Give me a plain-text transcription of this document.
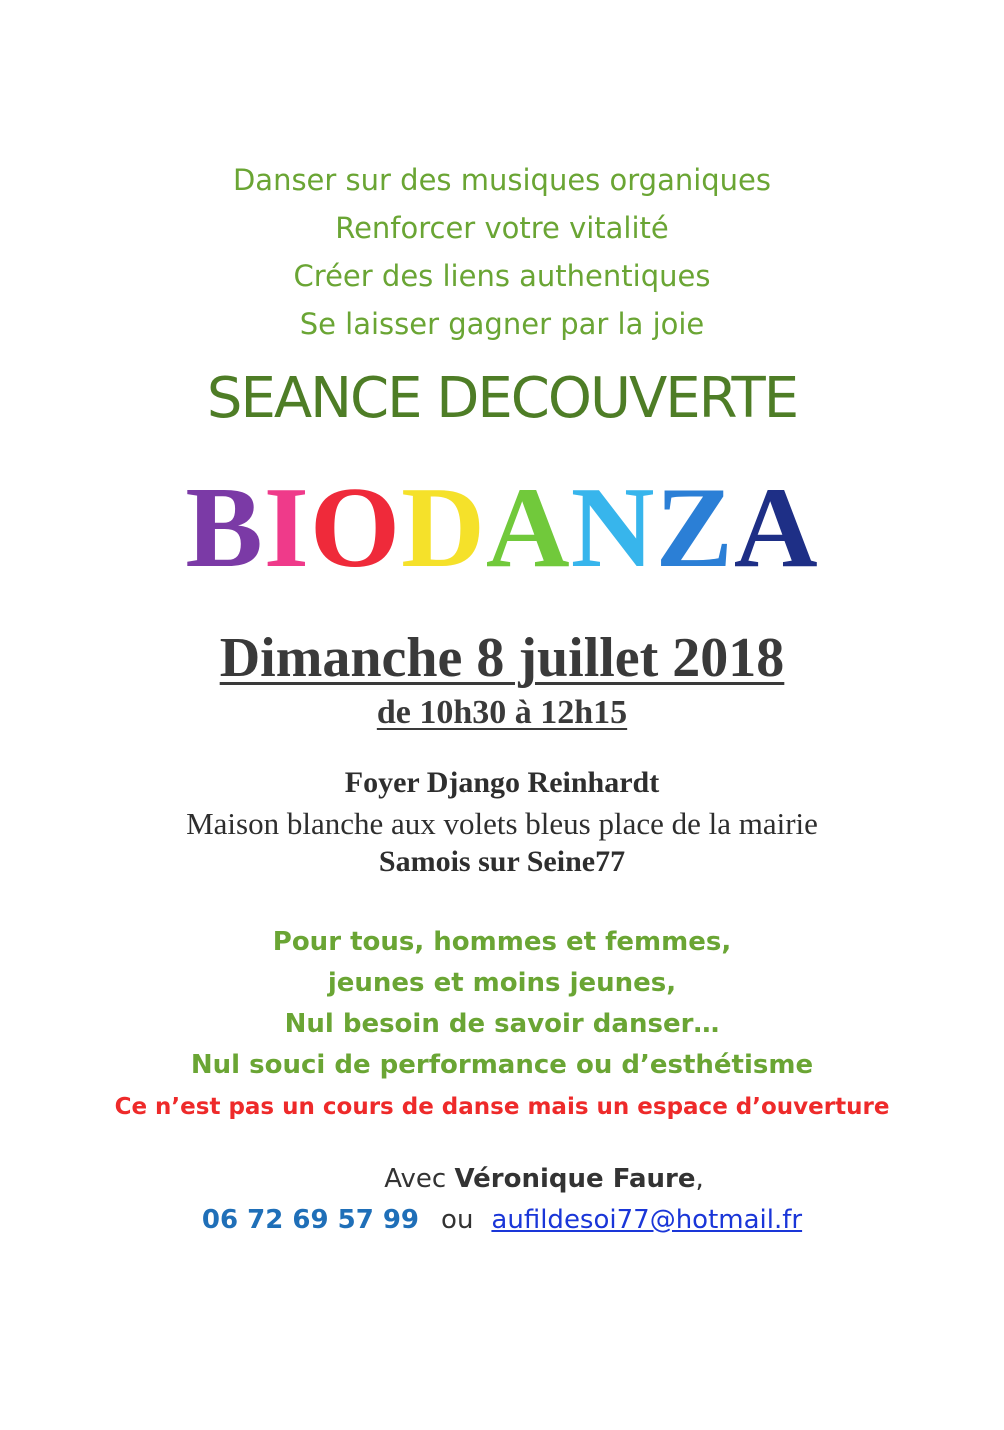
Danser sur des musiques organiques
Renforcer votre vitalité
Créer des liens authentiques
Se laisser gagner par la joie
SEANCE DECOUVERTE
BIODANZA
Dimanche 8 juillet 2018
de 10h30 à 12h15
Foyer Django Reinhardt
Maison blanche aux volets bleus place de la mairie
Samois sur Seine77
Pour tous, hommes et femmes,
jeunes et moins jeunes,
Nul besoin de savoir danser…
Nul souci de performance ou d’esthétisme
Ce n’est pas un cours de danse mais un espace d’ouverture
Avec Véronique Faure,
06 72 69 57 99 ou aufildesoi77@hotmail.fr
